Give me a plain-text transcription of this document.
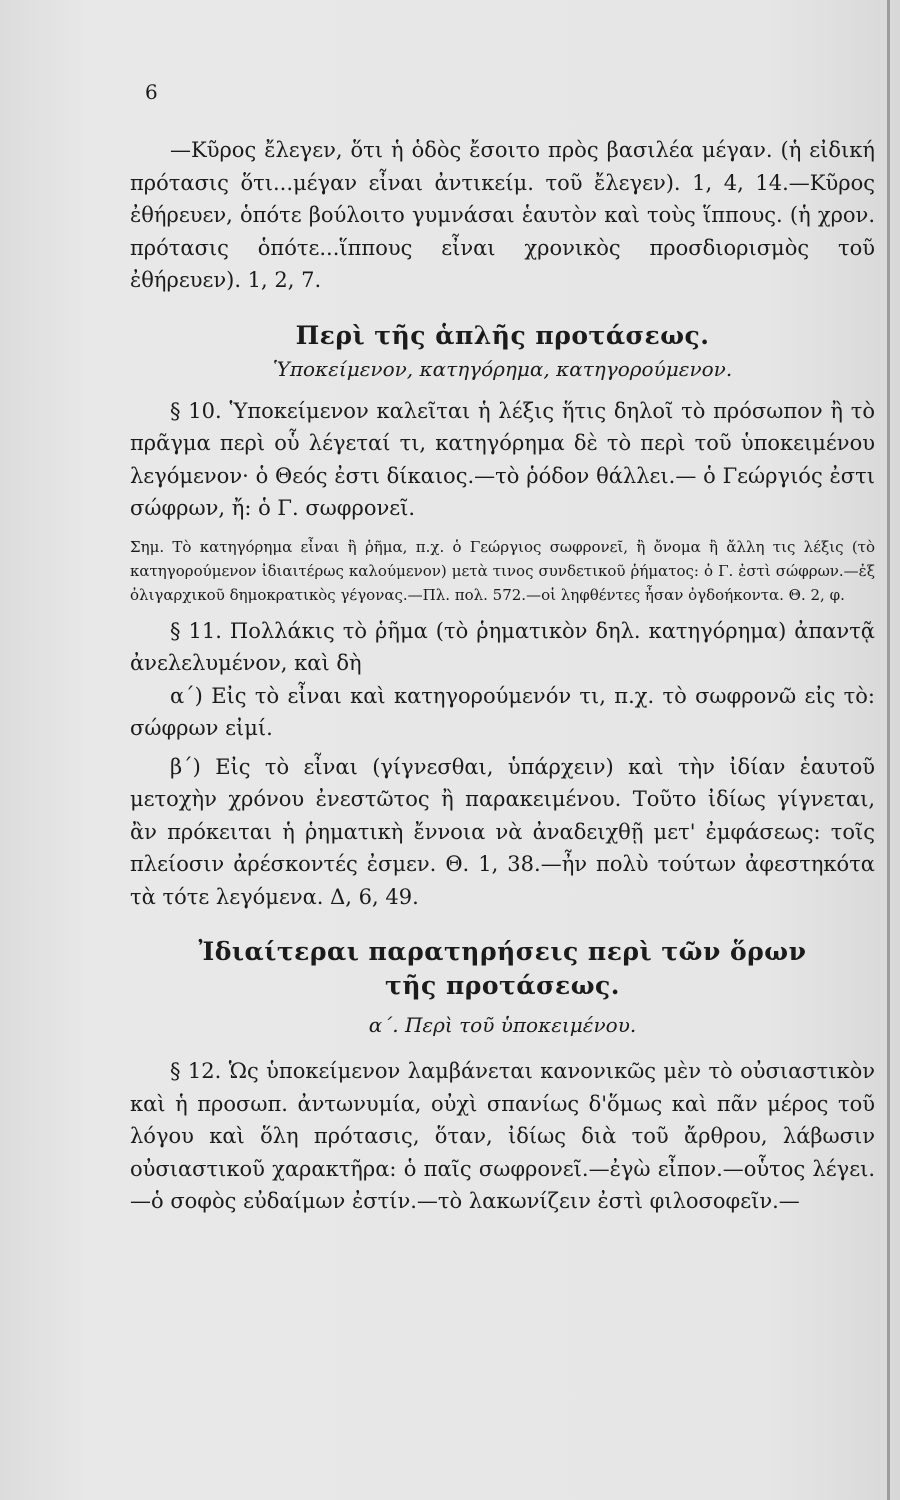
6

—Κῦρος ἔλεγεν, ὅτι ἡ ὁδὸς ἔσοιτο πρὸς βασιλέα μέγαν. (ἡ εἰδική πρότασις ὅτι...μέγαν εἶναι ἀντικείμ. τοῦ ἔλεγεν). 1, 4, 14.—Κῦρος ἐθήρευεν, ὁπότε βούλοιτο γυμνάσαι ἑαυτὸν καὶ τοὺς ἵππους. (ἡ χρον. πρότασις ὁπότε...ἵππους εἶναι χρονικὸς προσδιορισμὸς τοῦ ἐθήρευεν). 1, 2, 7.

Περὶ τῆς ἁπλῆς προτάσεως.
Ὑποκείμενον, κατηγόρημα, κατηγορούμενον.

§ 10. Ὑποκείμενον καλεῖται ἡ λέξις ἥτις δηλοῖ τὸ πρόσωπον ἢ τὸ πρᾶγμα περὶ οὗ λέγεταί τι, κατηγόρημα δὲ τὸ περὶ τοῦ ὑποκειμένου λεγόμενον· ὁ Θεός ἐστι δίκαιος.—τὸ ῥόδον θάλλει.— ὁ Γεώργιός ἐστι σώφρων, ἤ: ὁ Γ. σωφρονεῖ.

Σημ. Τὸ κατηγόρημα εἶναι ἢ ῥῆμα, π.χ. ὁ Γεώργιος σωφρονεῖ, ἢ ὄνομα ἢ ἄλλη τις λέξις (τὸ κατηγορούμενον ἰδιαιτέρως καλούμενον) μετὰ τινος συνδετικοῦ ῥήματος: ὁ Γ. ἐστὶ σώφρων.—ἐξ ὀλιγαρχικοῦ δημοκρατικὸς γέγονας.—Πλ. πολ. 572.—οἱ ληφθέντες ἦσαν ὀγδοήκοντα. Θ. 2, φ.

§ 11. Πολλάκις τὸ ῥῆμα (τὸ ῥηματικὸν δηλ. κατηγόρημα) ἀπαντᾷ ἀνελελυμένον, καὶ δὴ

α΄) Εἰς τὸ εἶναι καὶ κατηγορούμενόν τι, π.χ. τὸ σωφρονῶ εἰς τὸ: σώφρων εἰμί.

β΄) Εἰς τὸ εἶναι (γίγνεσθαι, ὑπάρχειν) καὶ τὴν ἰδίαν ἑαυτοῦ μετοχὴν χρόνου ἐνεστῶτος ἢ παρακειμένου. Τοῦτο ἰδίως γίγνεται, ἂν πρόκειται ἡ ῥηματικὴ ἔννοια νὰ ἀναδειχθῇ μετ' ἐμφάσεως: τοῖς πλείοσιν ἀρέσκοντές ἐσμεν. Θ. 1, 38.—ἦν πολὺ τούτων ἀφεστηκότα τὰ τότε λεγόμενα. Δ, 6, 49.

Ἰδιαίτεραι παρατηρήσεις περὶ τῶν ὅρων
τῆς προτάσεως.
α΄. Περὶ τοῦ ὑποκειμένου.

§ 12. Ὡς ὑποκείμενον λαμβάνεται κανονικῶς μὲν τὸ οὐσιαστικὸν καὶ ἡ προσωπ. ἀντωνυμία, οὐχὶ σπανίως δ'ὅμως καὶ πᾶν μέρος τοῦ λόγου καὶ ὅλη πρότασις, ὅταν, ἰδίως διὰ τοῦ ἄρθρου, λάβωσιν οὐσιαστικοῦ χαρακτῆρα: ὁ παῖς σωφρονεῖ.—ἐγὼ εἶπον.—οὗτος λέγει.—ὁ σοφὸς εὐδαίμων ἐστίν.—τὸ λακωνίζειν ἐστὶ φιλοσοφεῖν.—
